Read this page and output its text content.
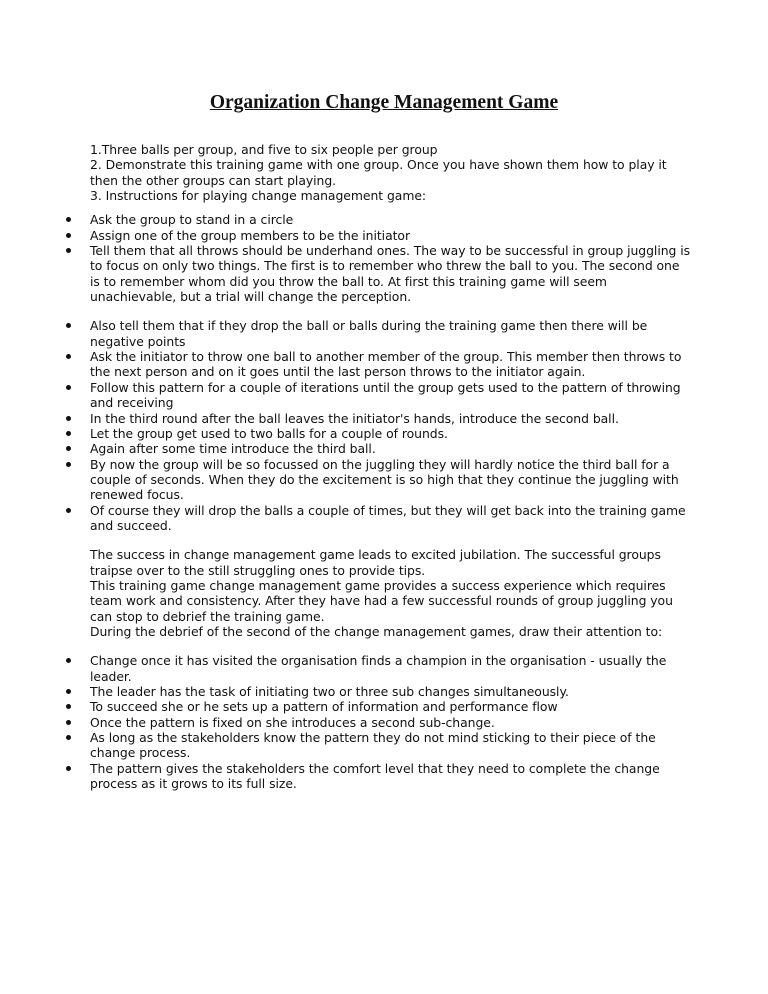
Organization Change Management Game

1.Three balls per group, and five to six people per group

2. Demonstrate this training game with one group. Once you have shown them how to play it then the other groups can start playing.

3. Instructions for playing change management game:

Ask the group to stand in a circle
Assign one of the group members to be the initiator
Tell them that all throws should be underhand ones. The way to be successful in group juggling is to focus on only two things. The first is to remember who threw the ball to you. The second one is to remember whom did you throw the ball to. At first this training game will seem unachievable, but a trial will change the perception.
Also tell them that if they drop the ball or balls during the training game then there will be negative points
Ask the initiator to throw one ball to another member of the group. This member then throws to the next person and on it goes until the last person throws to the initiator again.
Follow this pattern for a couple of iterations until the group gets used to the pattern of throwing and receiving
In the third round after the ball leaves the initiator's hands, introduce the second ball.
Let the group get used to two balls for a couple of rounds.
Again after some time introduce the third ball.
By now the group will be so focussed on the juggling they will hardly notice the third ball for a couple of seconds. When they do the excitement is so high that they continue the juggling with renewed focus.
Of course they will drop the balls a couple of times, but they will get back into the training game and succeed.

The success in change management game leads to excited jubilation. The successful groups traipse over to the still struggling ones to provide tips.

This training game change management game provides a success experience which requires team work and consistency. After they have had a few successful rounds of group juggling you can stop to debrief the training game.

During the debrief of the second of the change management games, draw their attention to:

Change once it has visited the organisation finds a champion in the organisation - usually the leader.
The leader has the task of initiating two or three sub changes simultaneously.
To succeed she or he sets up a pattern of information and performance flow
Once the pattern is fixed on she introduces a second sub-change.
As long as the stakeholders know the pattern they do not mind sticking to their piece of the change process.
The pattern gives the stakeholders the comfort level that they need to complete the change process as it grows to its full size.
